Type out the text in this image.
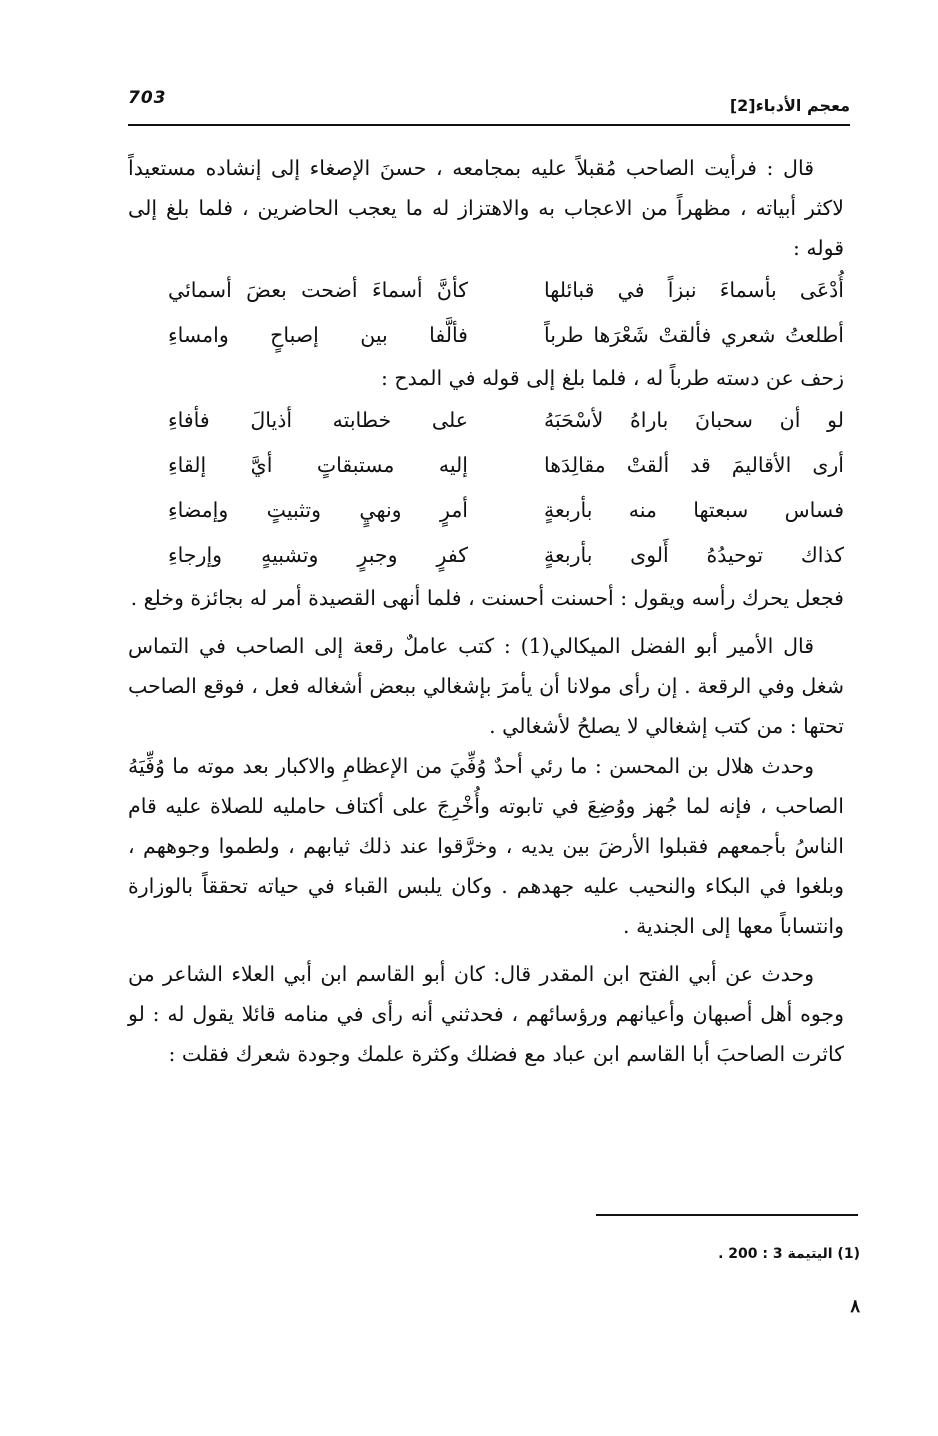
703	معجم الأدباء[2]

قال : فرأيت الصاحب مُقبلاً عليه بمجامعه ، حسنَ الإصغاء إلى إنشاده مستعيداً لاكثر أبياته ، مظهراً من الاعجاب به والاهتزاز له ما يعجب الحاضرين ، فلما بلغ إلى قوله :

أُدْعَى بأسماءَ نبزاً في قبائلها
كأنَّ أسماءَ أضحت بعضَ أسمائي
أطلعتُ شعري فألقتْ شَعْرَها طرباً
فألَّفا بين إصباحٍ وامساءِ

زحف عن دسته طرباً له ، فلما بلغ إلى قوله في المدح :

لو أن سحبانَ باراهُ لأسْحَبَهُ
على خطابته أذيالَ فأفاءِ
أرى الأقاليمَ قد ألقتْ مقالِدَها
إليه مستبقاتٍ أيَّ إلقاءِ
فساس سبعتها منه بأربعةٍ
أمرٍ ونهيٍ وتثبيتٍ وإمضاءِ
كذاك توحيدُهُ أَلوى بأربعةٍ
كفرٍ وجبرٍ وتشبيهٍ وإرجاءِ

فجعل يحرك رأسه ويقول : أحسنت أحسنت ، فلما أنهى القصيدة أمر له بجائزة وخلع .

قال الأمير أبو الفضل الميكالي(1) : كتب عاملٌ رقعة إلى الصاحب في التماس شغل وفي الرقعة . إن رأى مولانا أن يأمرَ بإشغالي ببعض أشغاله فعل ، فوقع الصاحب تحتها : من كتب إشغالي لا يصلحُ لأشغالي .

وحدث هلال بن المحسن : ما رئي أحدٌ وُفِّيَ من الإعظامِ والاكبار بعد موته ما وُفِّيَهُ الصاحب ، فإنه لما جُهز ووُضِعَ في تابوته وأُخْرِجَ على أكتاف حامليه للصلاة عليه قام الناسُ بأجمعهم فقبلوا الأرضَ بين يديه ، وخرَّقوا عند ذلك ثيابهم ، ولطموا وجوههم ، وبلغوا في البكاء والنحيب عليه جهدهم . وكان يلبس القباء في حياته تحققاً بالوزارة وانتساباً معها إلى الجندية .

وحدث عن أبي الفتح ابن المقدر قال: كان أبو القاسم ابن أبي العلاء الشاعر من وجوه أهل أصبهان وأعيانهم ورؤسائهم ، فحدثني أنه رأى في منامه قائلا يقول له : لو كاثرت الصاحبَ أبا القاسم ابن عباد مع فضلك وكثرة علمك وجودة شعرك فقلت :

(1) اليتيمة 3 : 200 .
٨
